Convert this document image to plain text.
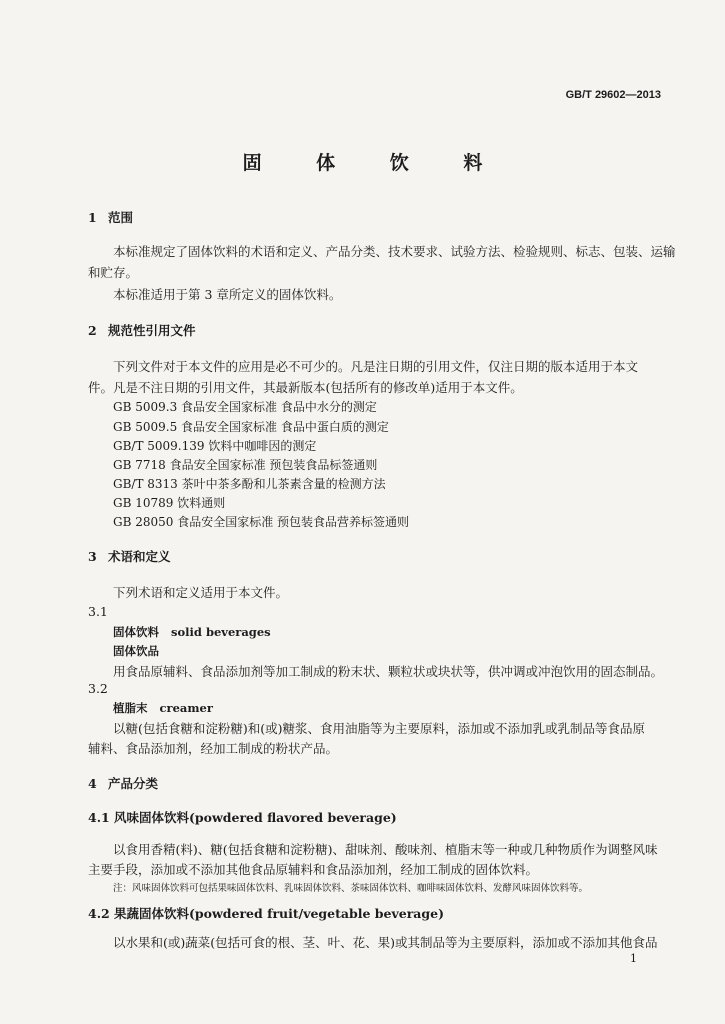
GB/T 29602—2013
固 体 饮 料
1 范围
本标准规定了固体饮料的术语和定义、产品分类、技术要求、试验方法、检验规则、标志、包装、运输
和贮存。
本标准适用于第 3 章所定义的固体饮料。
2 规范性引用文件
下列文件对于本文件的应用是必不可少的。凡是注日期的引用文件，仅注日期的版本适用于本文
件。凡是不注日期的引用文件，其最新版本(包括所有的修改单)适用于本文件。
GB 5009.3 食品安全国家标准 食品中水分的测定
GB 5009.5 食品安全国家标准 食品中蛋白质的测定
GB/T 5009.139 饮料中咖啡因的测定
GB 7718 食品安全国家标准 预包装食品标签通则
GB/T 8313 茶叶中茶多酚和儿茶素含量的检测方法
GB 10789 饮料通则
GB 28050 食品安全国家标准 预包装食品营养标签通则
3 术语和定义
下列术语和定义适用于本文件。
3.1
固体饮料 solid beverages
固体饮品
用食品原辅料、食品添加剂等加工制成的粉末状、颗粒状或块状等，供冲调或冲泡饮用的固态制品。
3.2
植脂末 creamer
以糖(包括食糖和淀粉糖)和(或)糖浆、食用油脂等为主要原料，添加或不添加乳或乳制品等食品原
辅料、食品添加剂，经加工制成的粉状产品。
4 产品分类
4.1 风味固体饮料(powdered flavored beverage)
以食用香精(料)、糖(包括食糖和淀粉糖)、甜味剂、酸味剂、植脂末等一种或几种物质作为调整风味
主要手段，添加或不添加其他食品原辅料和食品添加剂，经加工制成的固体饮料。
注：风味固体饮料可包括果味固体饮料、乳味固体饮料、茶味固体饮料、咖啡味固体饮料、发酵风味固体饮料等。
4.2 果蔬固体饮料(powdered fruit/vegetable beverage)
以水果和(或)蔬菜(包括可食的根、茎、叶、花、果)或其制品等为主要原料，添加或不添加其他食品
1
